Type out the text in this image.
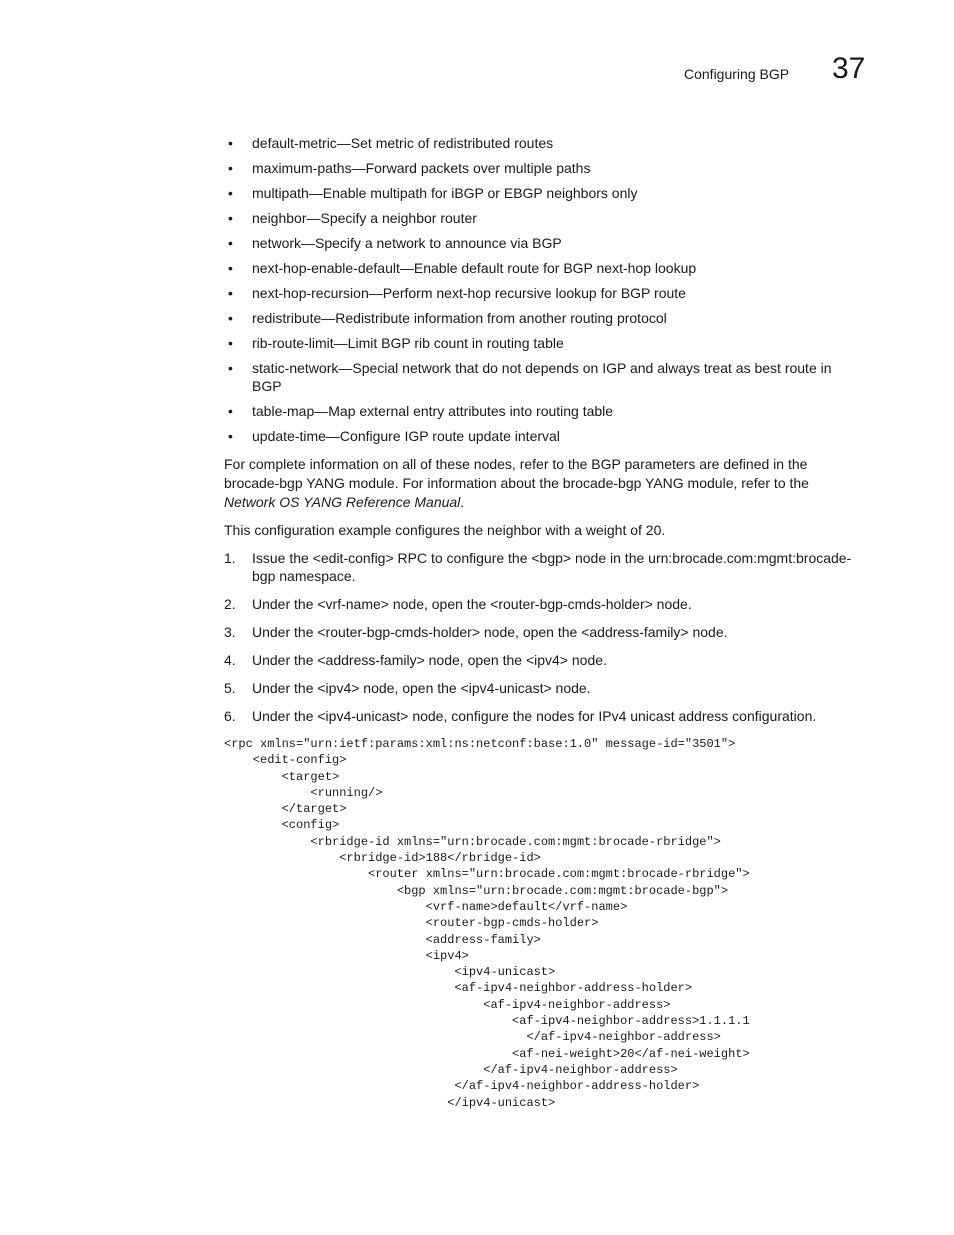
Configuring BGP 37
• default-metric—Set metric of redistributed routes
• maximum-paths—Forward packets over multiple paths
• multipath—Enable multipath for iBGP or EBGP neighbors only
• neighbor—Specify a neighbor router
• network—Specify a network to announce via BGP
• next-hop-enable-default—Enable default route for BGP next-hop lookup
• next-hop-recursion—Perform next-hop recursive lookup for BGP route
• redistribute—Redistribute information from another routing protocol
• rib-route-limit—Limit BGP rib count in routing table
• static-network—Special network that do not depends on IGP and always treat as best route in BGP
• table-map—Map external entry attributes into routing table
• update-time—Configure IGP route update interval

For complete information on all of these nodes, refer to the BGP parameters are defined in the brocade-bgp YANG module. For information about the brocade-bgp YANG module, refer to the Network OS YANG Reference Manual.

This configuration example configures the neighbor with a weight of 20.

1. Issue the <edit-config> RPC to configure the <bgp> node in the urn:brocade.com:mgmt:brocade-bgp namespace.
2. Under the <vrf-name> node, open the <router-bgp-cmds-holder> node.
3. Under the <router-bgp-cmds-holder> node, open the <address-family> node.
4. Under the <address-family> node, open the <ipv4> node.
5. Under the <ipv4> node, open the <ipv4-unicast> node.
6. Under the <ipv4-unicast> node, configure the nodes for IPv4 unicast address configuration.
<rpc xmlns="urn:ietf:params:xml:ns:netconf:base:1.0" message-id="3501">
<edit-config>
<target>
<running/>
</target>
<config>
<rbridge-id xmlns="urn:brocade.com:mgmt:brocade-rbridge">
<rbridge-id>188</rbridge-id>
<router xmlns="urn:brocade.com:mgmt:brocade-rbridge">
<bgp xmlns="urn:brocade.com:mgmt:brocade-bgp">
<vrf-name>default</vrf-name>
<router-bgp-cmds-holder>
<address-family>
<ipv4>
<ipv4-unicast>
<af-ipv4-neighbor-address-holder>
<af-ipv4-neighbor-address>
<af-ipv4-neighbor-address>1.1.1.1
</af-ipv4-neighbor-address>
<af-nei-weight>20</af-nei-weight>
</af-ipv4-neighbor-address>
</af-ipv4-neighbor-address-holder>
</ipv4-unicast>
